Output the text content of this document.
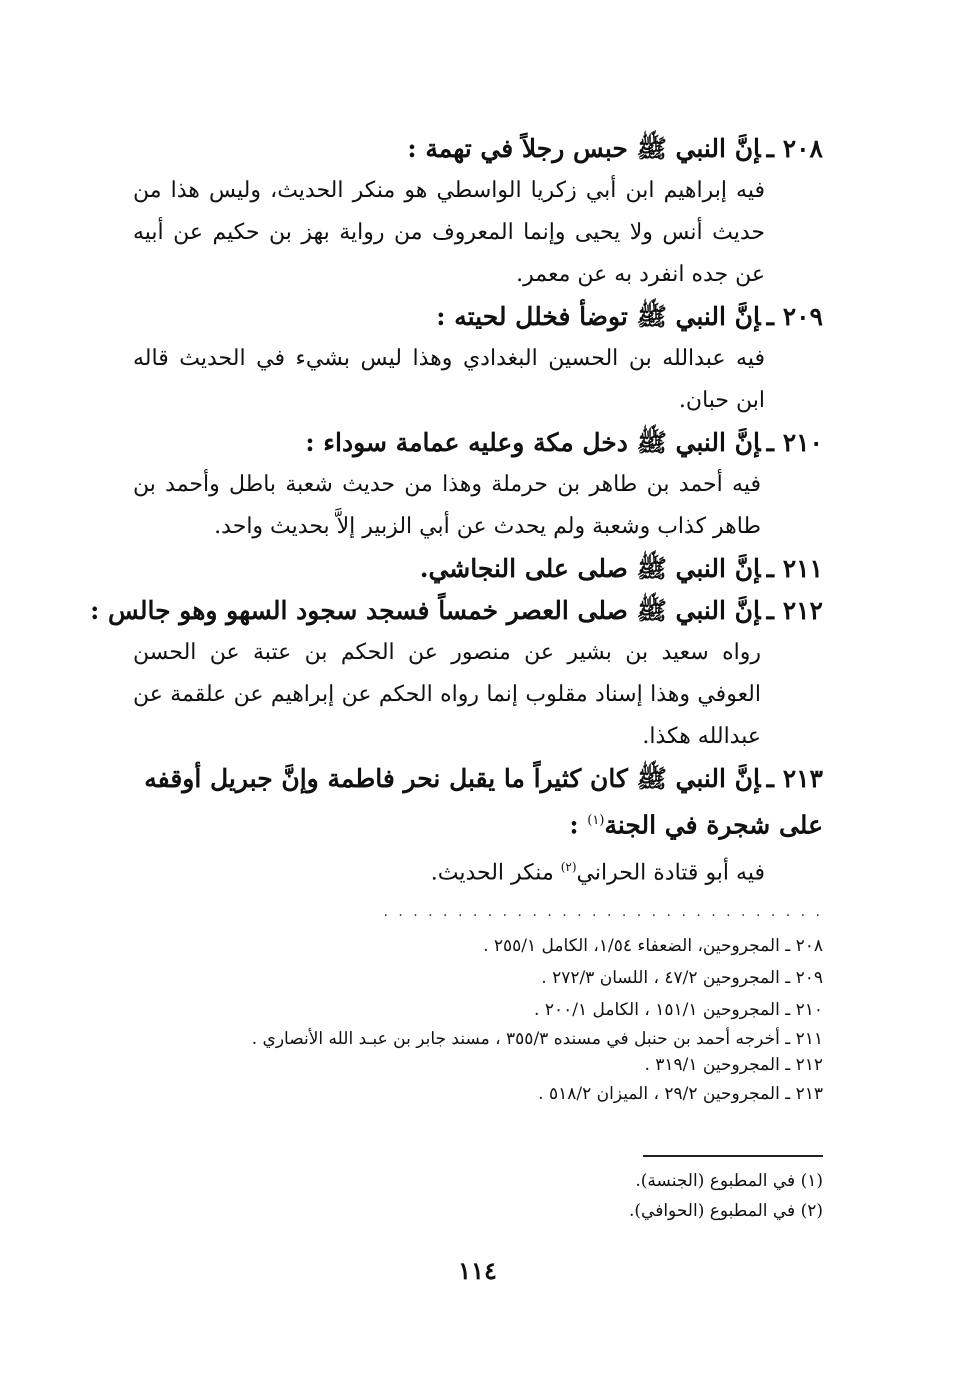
٢٠٨ ـإنَّ النبي ﷺ حبس رجلاً في تهمة :
فيه إبراهيم ابن أبي زكريا الواسطي هو منكر الحديث، وليس هذا من حديث أنس ولا يحيى وإنما المعروف من رواية بهز بن حكيم عن أبيه عن جده انفرد به عن معمر.
٢٠٩ ـإنَّ النبي ﷺ توضأ فخلل لحيته :
فيه عبدالله بن الحسين البغدادي وهذا ليس بشيء في الحديث قاله ابن حبان.
٢١٠ ـإنَّ النبي ﷺ دخل مكة وعليه عمامة سوداء :
فيه أحمد بن طاهر بن حرملة وهذا من حديث شعبة باطل وأحمد بن طاهر كذاب وشعبة ولم يحدث عن أبي الزبير إلاَّ بحديث واحد.
٢١١ ـإنَّ النبي ﷺ صلى على النجاشي.
٢١٢ ـإنَّ النبي ﷺ صلى العصر خمساً فسجد سجود السهو وهو جالس :
رواه سعيد بن بشير عن منصور عن الحكم بن عتبة عن الحسن العوفي وهذا إسناد مقلوب إنما رواه الحكم عن إبراهيم عن علقمة عن عبدالله هكذا.
٢١٣ ـإنَّ النبي ﷺ كان كثيراً ما يقبل نحر فاطمة وإنَّ جبريل أوقفه على شجرة في الجنة$^{(١)}$ :
فيه أبو قتادة الحراني$^{(٢)}$ منكر الحديث.
. . . . . . . . . . . . . . . . . . . . . . . . . . . . . .
٢٠٨ ـ المجروحين، الضعفاء ١/٥٤، الكامل ٢٥٥/١ .
٢٠٩ ـ المجروحين ٤٧/٢ ، اللسان ٢٧٢/٣ .
٢١٠ ـ المجروحين ١٥١/١ ، الكامل ٢٠٠/١ .
٢١١ ـ أخرجه أحمد بن حنبل في مسنده ٣٥٥/٣ ، مسند جابر بن عبـد الله الأنصاري .
٢١٢ ـ المجروحين ٣١٩/١ .
٢١٣ ـ المجروحين ٢٩/٢ ، الميزان ٥١٨/٢ .
(١) في المطبوع (الجنسة).
(٢) في المطبوع (الحوافي).
١١٤
